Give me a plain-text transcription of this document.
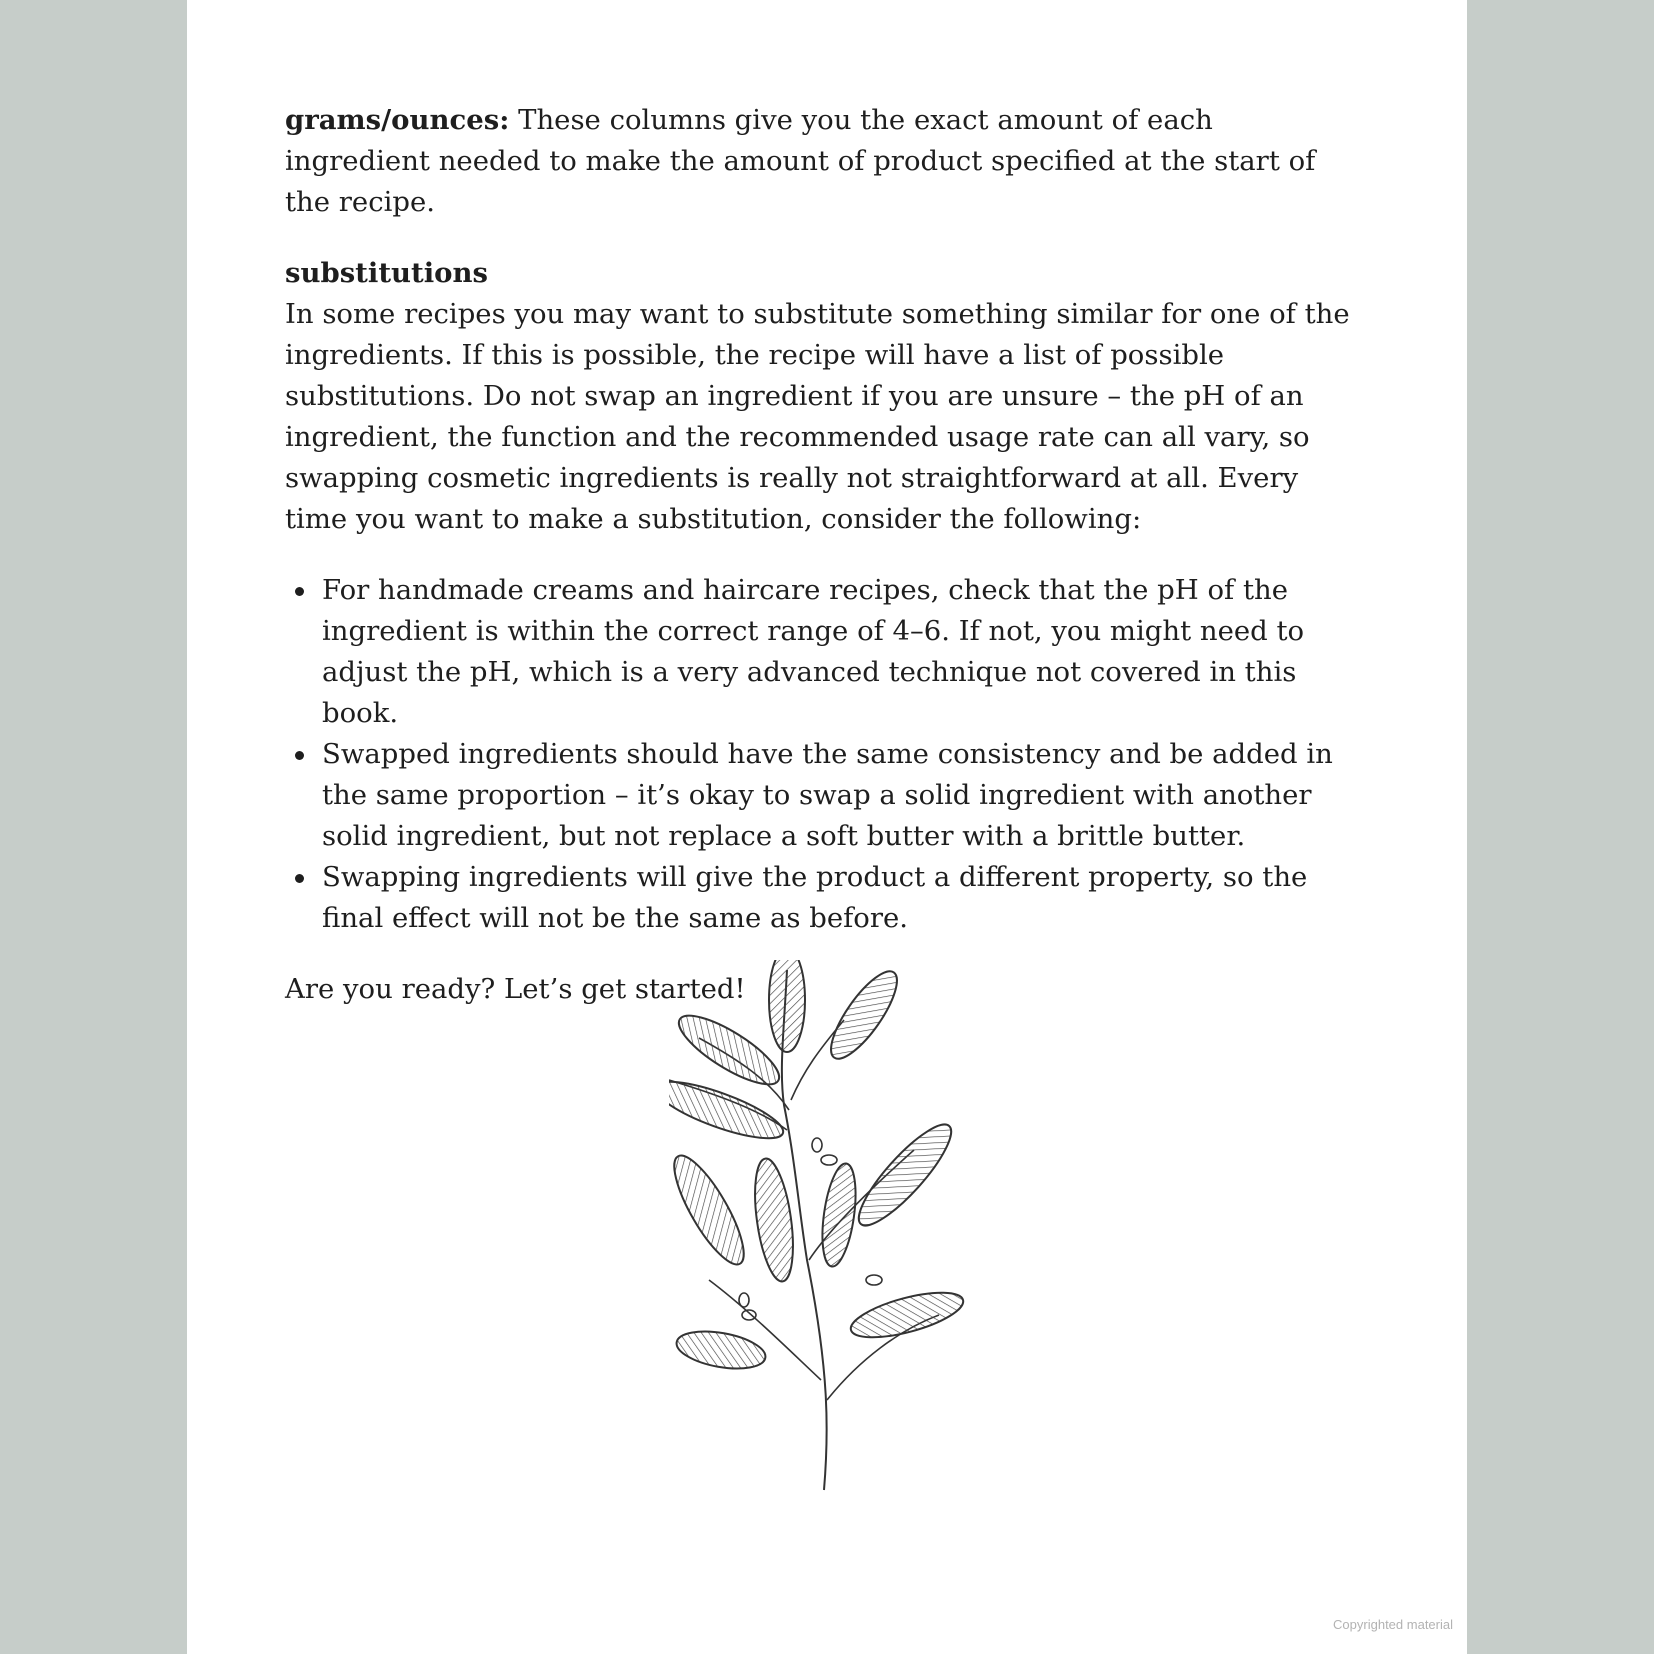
grams/ounces: These columns give you the exact amount of each ingredient needed to make the amount of product specified at the start of the recipe.

substitutions

In some recipes you may want to substitute something similar for one of the ingredients. If this is possible, the recipe will have a list of possible substitutions. Do not swap an ingredient if you are unsure – the pH of an ingredient, the function and the recommended usage rate can all vary, so swapping cosmetic ingredients is really not straightforward at all. Every time you want to make a substitution, consider the following:

For handmade creams and haircare recipes, check that the pH of the ingredient is within the correct range of 4–6. If not, you might need to adjust the pH, which is a very advanced technique not covered in this book.
Swapped ingredients should have the same consistency and be added in the same proportion – it’s okay to swap a solid ingredient with another solid ingredient, but not replace a soft butter with a brittle butter.
Swapping ingredients will give the product a different property, so the final effect will not be the same as before.

Are you ready? Let’s get started!

Copyrighted material
